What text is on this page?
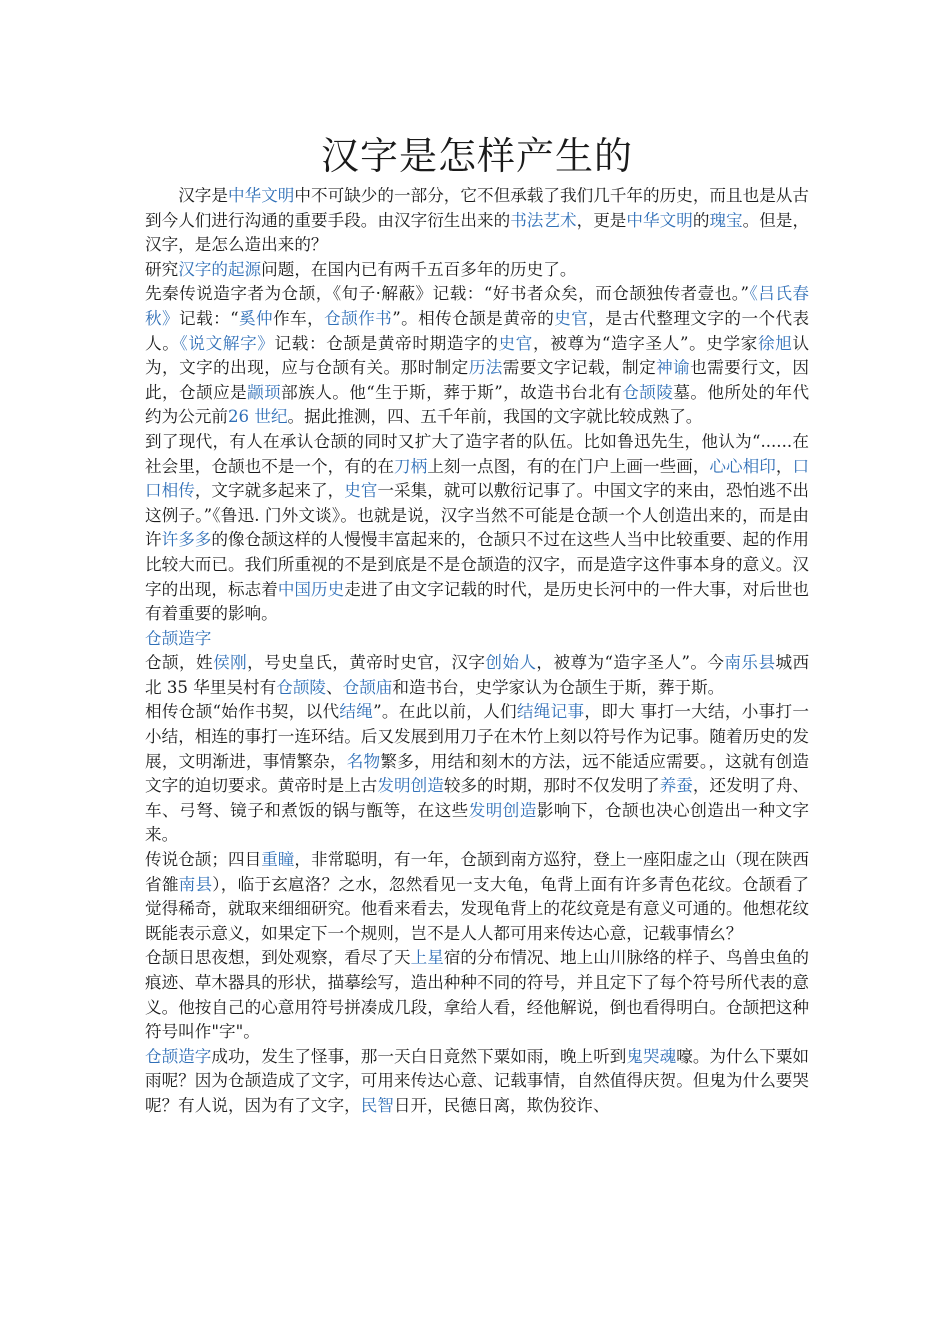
汉字是怎样产生的

汉字是中华文明中不可缺少的一部分，它不但承载了我们几千年的历史，而且也是从古到今人们进行沟通的重要手段。由汉字衍生出来的书法艺术，更是中华文明的瑰宝。但是，汉字，是怎么造出来的？

研究汉字的起源问题，在国内已有两千五百多年的历史了。

先秦传说造字者为仓颉，《旬子·解蔽》记载：“好书者众矣，而仓颉独传者壹也。”《吕氏春秋》记载：“奚仲作车，仓颉作书”。相传仓颉是黄帝的史官，是古代整理文字的一个代表人。《说文解字》记载：仓颉是黄帝时期造字的史官，被尊为“造字圣人”。史学家徐旭认为，文字的出现，应与仓颉有关。那时制定历法需要文字记载，制定神谕也需要行文，因此，仓颉应是颛顼部族人。他“生于斯，葬于斯”，故造书台北有仓颉陵墓。他所处的年代约为公元前26 世纪。据此推测，四、五千年前，我国的文字就比较成熟了。

到了现代，有人在承认仓颉的同时又扩大了造字者的队伍。比如鲁迅先生，他认为“......在社会里，仓颉也不是一个，有的在刀柄上刻一点图，有的在门户上画一些画，心心相印，口口相传，文字就多起来了，史官一采集，就可以敷衍记事了。中国文字的来由，恐怕逃不出这例子。”《鲁迅. 门外文谈》。也就是说，汉字当然不可能是仓颉一个人创造出来的，而是由许许多多的像仓颉这样的人慢慢丰富起来的，仓颉只不过在这些人当中比较重要、起的作用比较大而已。我们所重视的不是到底是不是仓颉造的汉字，而是造字这件事本身的意义。汉字的出现，标志着中国历史走进了由文字记载的时代，是历史长河中的一件大事，对后世也有着重要的影响。

仓颉造字

仓颉，姓侯刚，号史皇氏，黄帝时史官，汉字创始人，被尊为“造字圣人”。今南乐县城西北 35 华里吴村有仓颉陵、仓颉庙和造书台，史学家认为仓颉生于斯，葬于斯。

相传仓颉“始作书契，以代结绳”。在此以前，人们结绳记事，即大 事打一大结，小事打一小结，相连的事打一连环结。后又发展到用刀子在木竹上刻以符号作为记事。随着历史的发展，文明渐进，事情繁杂，名物繁多，用结和刻木的方法，远不能适应需要。，这就有创造文字的迫切要求。黄帝时是上古发明创造较多的时期，那时不仅发明了养蚕，还发明了舟、车、弓弩、镜子和煮饭的锅与甑等，在这些发明创造影响下，仓颉也决心创造出一种文字来。

传说仓颉；四目重瞳，非常聪明，有一年，仓颉到南方巡狩，登上一座阳虚之山（现在陕西省雒南县），临于玄扈洛？之水，忽然看见一支大龟，龟背上面有许多青色花纹。仓颉看了觉得稀奇，就取来细细研究。他看来看去，发现龟背上的花纹竟是有意义可通的。他想花纹既能表示意义，如果定下一个规则，岂不是人人都可用来传达心意，记载事情幺？

仓颉日思夜想，到处观察，看尽了天上星宿的分布情况、地上山川脉络的样子、鸟兽虫鱼的痕迹、草木器具的形状，描摹绘写，造出种种不同的符号，并且定下了每个符号所代表的意义。他按自己的心意用符号拼凑成几段，拿给人看，经他解说，倒也看得明白。仓颉把这种符号叫作"字"。

仓颉造字成功，发生了怪事，那一天白日竟然下粟如雨，晚上听到鬼哭魂嚎。为什么下粟如雨呢？因为仓颉造成了文字，可用来传达心意、记载事情，自然值得庆贺。但鬼为什么要哭呢？有人说，因为有了文字，民智日开，民德日离，欺伪狡诈、
